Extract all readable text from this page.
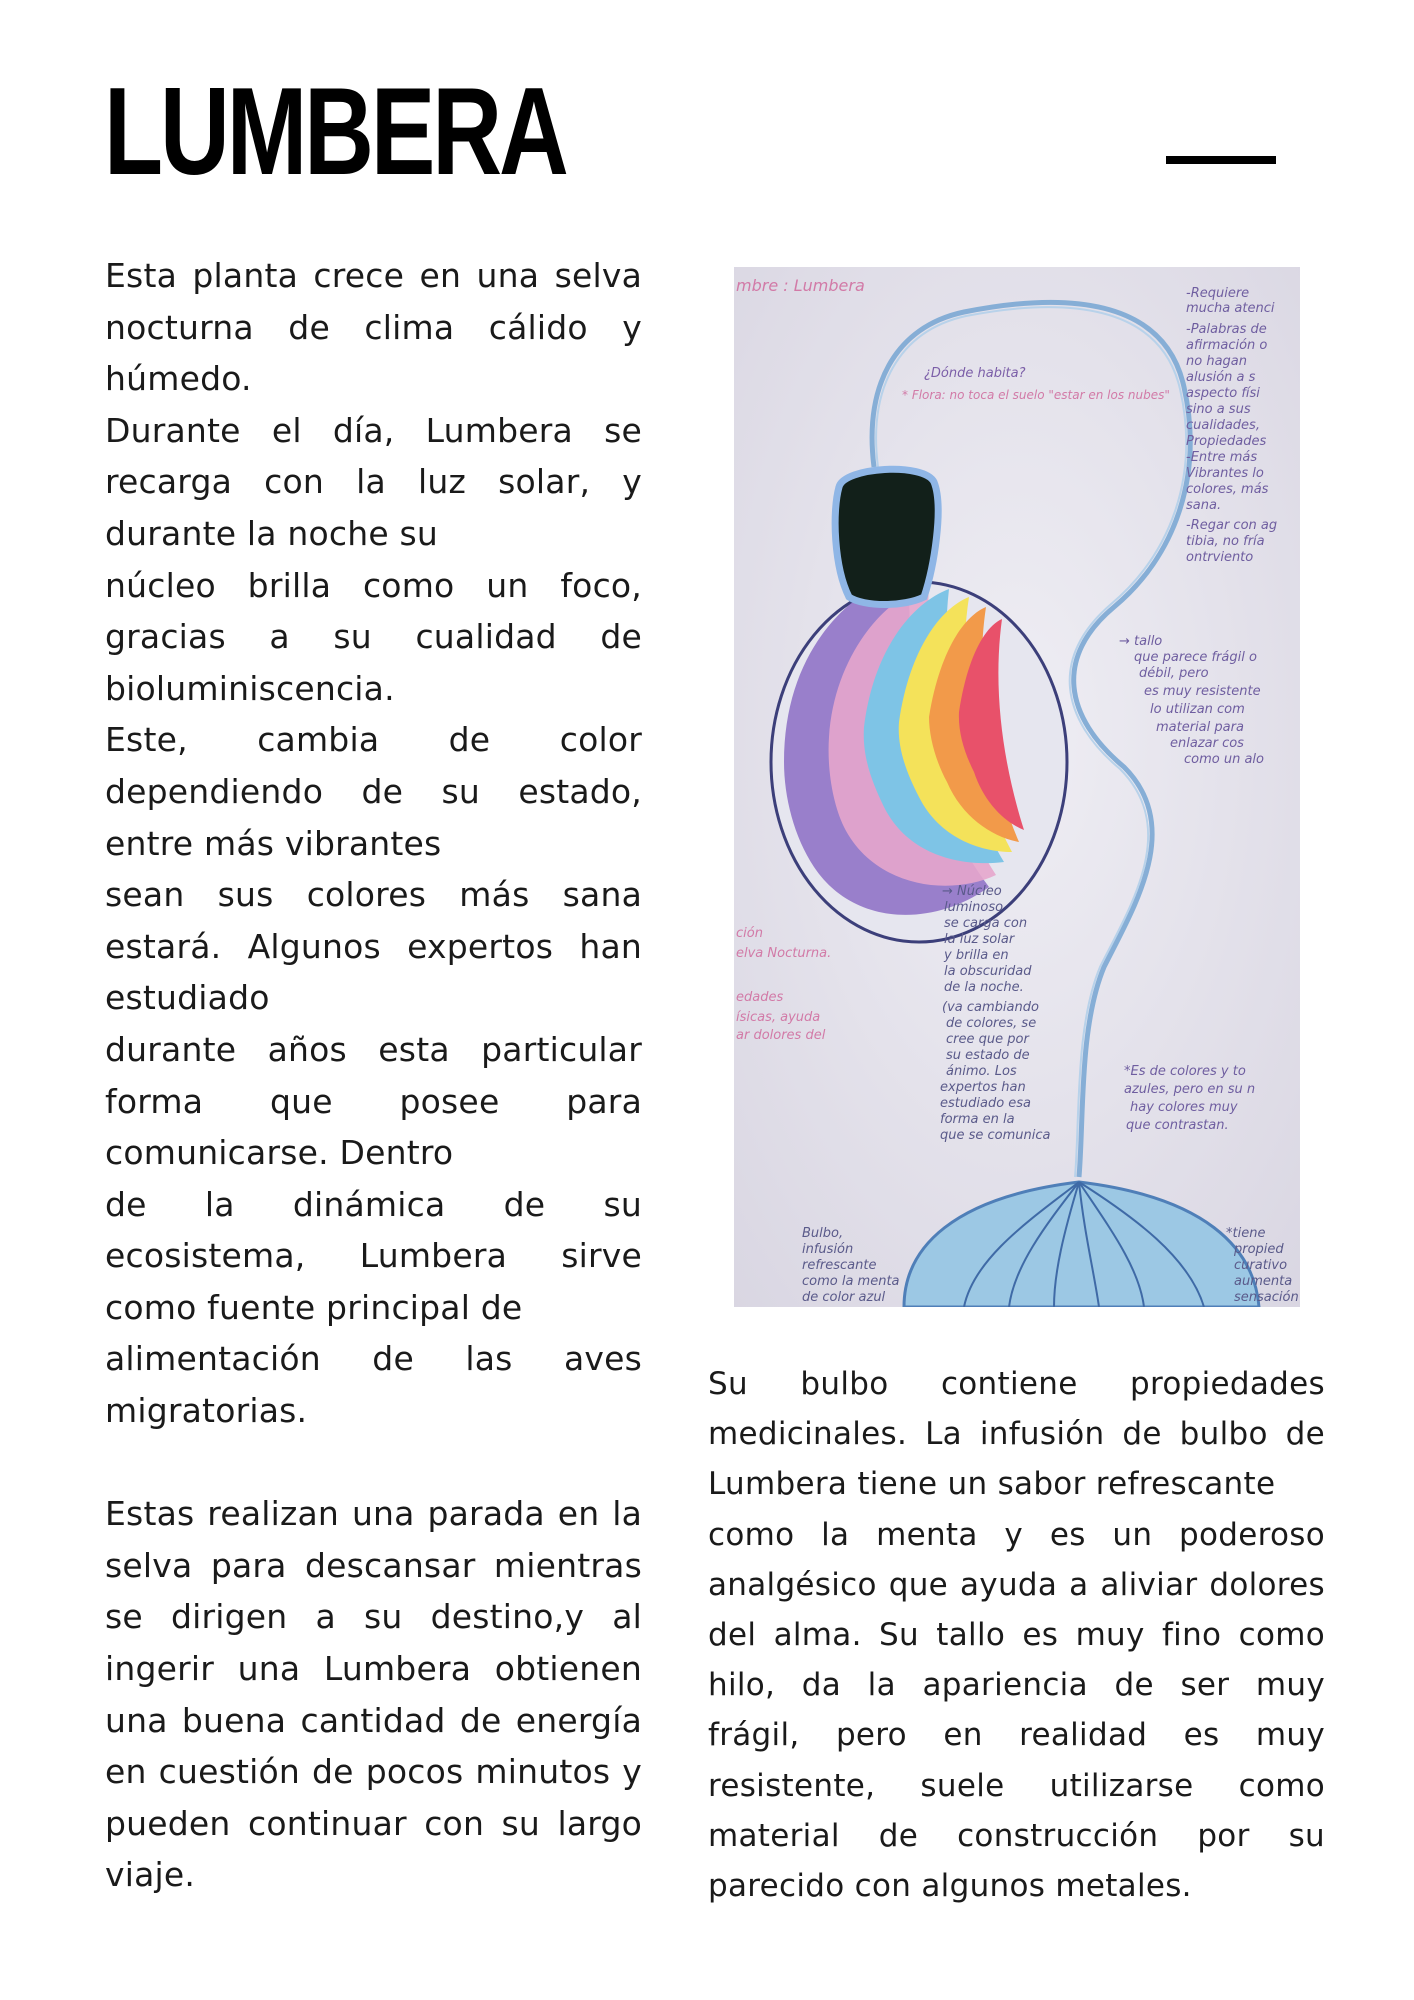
LUMBERA

Esta planta crece en una selva nocturna de clima cálido y húmedo.

Durante el día, Lumbera se recarga con la luz solar, y durante la noche su

núcleo brilla como un foco, gracias a su cualidad de bioluminiscencia.

Este, cambia de color dependiendo de su estado, entre más vibrantes

sean sus colores más sana estará. Algunos expertos han estudiado

durante años esta particular forma que posee para comunicarse. Dentro

de la dinámica de su ecosistema, Lumbera sirve como fuente principal de

alimentación de las aves migratorias.

Estas realizan una parada en la selva para descansar mientras se dirigen a su destino,y al ingerir una Lumbera obtienen una buena cantidad de energía en cuestión de pocos minutos y pueden continuar con su largo viaje.

mbre : Lumbera
¿Dónde habita?
* Flora: no toca el suelo "estar en los nubes"
-Requiere
mucha atenci
-Palabras de
afirmación o
no hagan
alusión a s
aspecto físi
sino a sus
cualidades,
Propiedades
-Entre más
Vibrantes lo
colores, más
sana.
-Regar con ag
tibia, no fría
ontrviento
→ tallo
que parece frágil o
débil, pero
es muy resistente
lo utilizan com
material para
enlazar cos
como un alo
→ Núcleo
luminoso
se carga con
la luz solar
y brilla en
la obscuridad
de la noche.
(va cambiando
de colores, se
cree que por
su estado de
ánimo. Los
expertos han
estudiado esa
forma en la
que se comunica
ción
elva Nocturna.
edades
ísicas, ayuda
ar dolores del
*Es de colores y to
azules, pero en su n
hay colores muy
que contrastan.
Bulbo,
infusión
refrescante
como la menta
de color azul
*tiene
propied
curativo
aumenta
sensación

Su bulbo contiene propiedades medicinales. La infusión de bulbo de Lumbera tiene un sabor refrescante

como la menta y es un poderoso analgésico que ayuda a aliviar dolores del alma. Su tallo es muy fino como hilo, da la apariencia de ser muy frágil, pero en realidad es muy resistente, suele utilizarse como material de construcción por su parecido con algunos metales.
